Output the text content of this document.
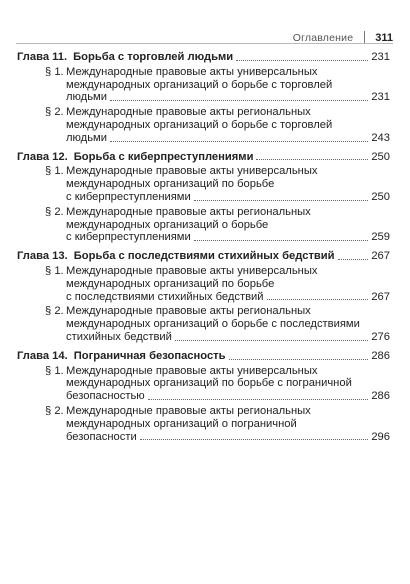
Оглавление 311
Глава 11. Борьба с торговлей людьми	231
§ 1. Международные правовые акты универсальных
международных организаций о борьбе с торговлей
людьми	231
§ 2. Международные правовые акты региональных
международных организаций о борьбе с торговлей
людьми	243
Глава 12. Борьба с киберпреступлениями	250
§ 1. Международные правовые акты универсальных
международных организаций по борьбе
с киберпреступлениями	250
§ 2. Международные правовые акты региональных
международных организаций о борьбе
с киберпреступлениями	259
Глава 13. Борьба с последствиями стихийных бедствий	267
§ 1. Международные правовые акты универсальных
международных организаций по борьбе
с последствиями стихийных бедствий	267
§ 2. Международные правовые акты региональных
международных организаций о борьбе с последствиями
стихийных бедствий	276
Глава 14. Пограничная безопасность	286
§ 1. Международные правовые акты универсальных
международных организаций по борьбе с пограничной
безопасностью	286
§ 2. Международные правовые акты региональных
международных организаций о пограничной
безопасности	296
